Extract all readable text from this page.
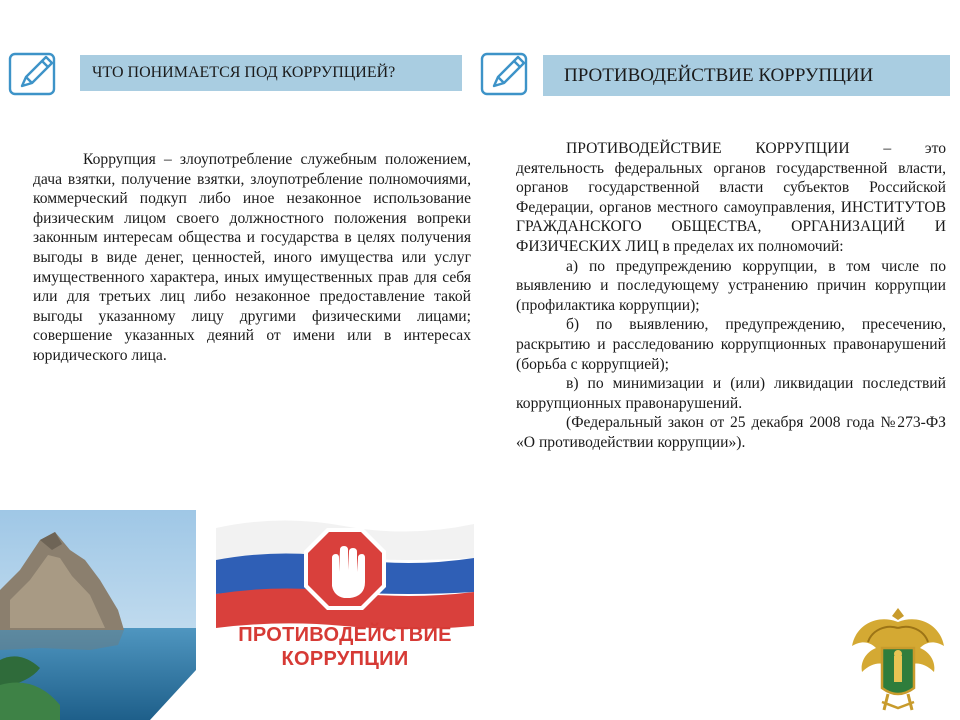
ЧТО ПОНИМАЕТСЯ ПОД КОРРУПЦИЕЙ?	ПРОТИВОДЕЙСТВИЕ КОРРУПЦИИ

Коррупция – злоупотребление служебным положением, дача взятки, получение взятки, злоупотребление полномочиями, коммерческий подкуп либо иное незаконное использование физическим лицом своего должностного положения вопреки законным интересам общества и государства в целях получения выгоды в виде денег, ценностей, иного имущества или услуг имущественного характера, иных имущественных прав для себя или для третьих лиц либо незаконное предоставление такой выгоды указанному лицу другими физическими лицами; совершение указанных деяний от имени или в интересах юридического лица.

ПРОТИВОДЕЙСТВИЕ КОРРУПЦИИ – это деятельность федеральных органов государственной власти, органов государственной власти субъектов Российской Федерации, органов местного самоуправления, ИНСТИТУТОВ ГРАЖДАНСКОГО ОБЩЕСТВА, ОРГАНИЗАЦИЙ И ФИЗИЧЕСКИХ ЛИЦ в пределах их полномочий:

а) по предупреждению коррупции, в том числе по выявлению и последующему устранению причин коррупции (профилактика коррупции);

б) по выявлению, предупреждению, пресечению, раскрытию и расследованию коррупционных правонарушений (борьба с коррупцией);

в) по минимизации и (или) ликвидации последствий коррупционных правонарушений.

(Федеральный закон от 25 декабря 2008 года №273-ФЗ «О противодействии коррупции»).

ПРОТИВОДЕЙСТВИЕ
КОРРУПЦИИ
